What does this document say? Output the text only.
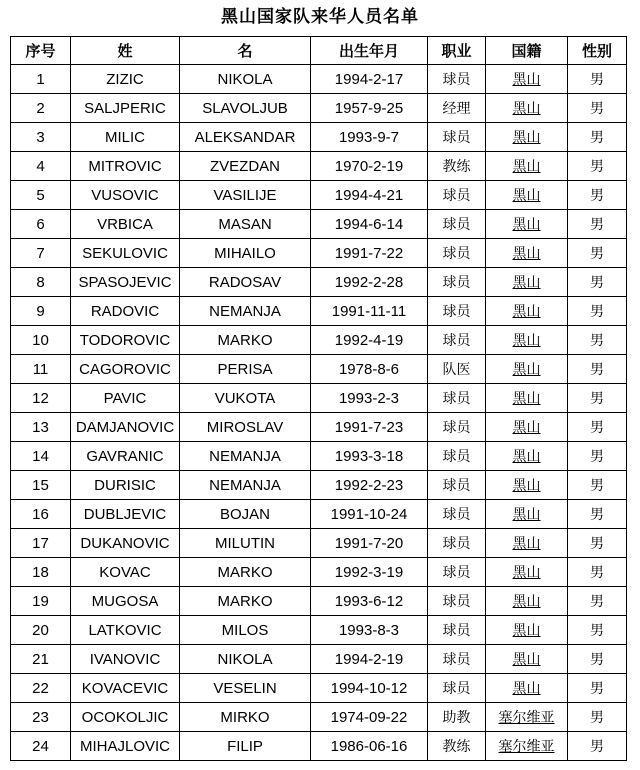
黑山国家队来华人员名单
序号	姓	名	出生年月	职业	国籍	性别
1	ZIZIC	NIKOLA	1994-2-17	球员	黑山	男
2	SALJPERIC	SLAVOLJUB	1957-9-25	经理	黑山	男
3	MILIC	ALEKSANDAR	1993-9-7	球员	黑山	男
4	MITROVIC	ZVEZDAN	1970-2-19	教练	黑山	男
5	VUSOVIC	VASILIJE	1994-4-21	球员	黑山	男
6	VRBICA	MASAN	1994-6-14	球员	黑山	男
7	SEKULOVIC	MIHAILO	1991-7-22	球员	黑山	男
8	SPASOJEVIC	RADOSAV	1992-2-28	球员	黑山	男
9	RADOVIC	NEMANJA	1991-11-11	球员	黑山	男
10	TODOROVIC	MARKO	1992-4-19	球员	黑山	男
11	CAGOROVIC	PERISA	1978-8-6	队医	黑山	男
12	PAVIC	VUKOTA	1993-2-3	球员	黑山	男
13	DAMJANOVIC	MIROSLAV	1991-7-23	球员	黑山	男
14	GAVRANIC	NEMANJA	1993-3-18	球员	黑山	男
15	DURISIC	NEMANJA	1992-2-23	球员	黑山	男
16	DUBLJEVIC	BOJAN	1991-10-24	球员	黑山	男
17	DUKANOVIC	MILUTIN	1991-7-20	球员	黑山	男
18	KOVAC	MARKO	1992-3-19	球员	黑山	男
19	MUGOSA	MARKO	1993-6-12	球员	黑山	男
20	LATKOVIC	MILOS	1993-8-3	球员	黑山	男
21	IVANOVIC	NIKOLA	1994-2-19	球员	黑山	男
22	KOVACEVIC	VESELIN	1994-10-12	球员	黑山	男
23	OCOKOLJIC	MIRKO	1974-09-22	助教	塞尔维亚	男
24	MIHAJLOVIC	FILIP	1986-06-16	教练	塞尔维亚	男
